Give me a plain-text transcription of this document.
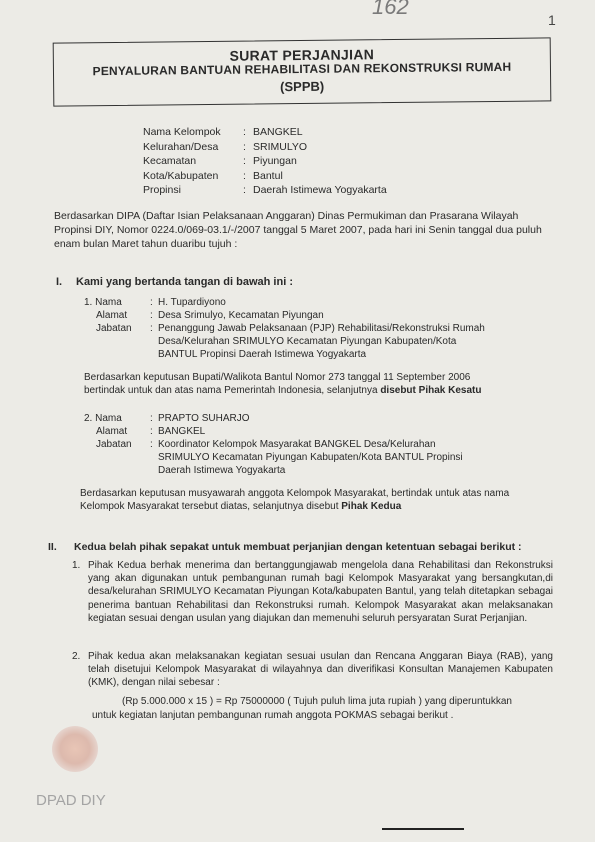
162
1
SURAT PERJANJIAN
PENYALURAN BANTUAN REHABILITASI DAN REKONSTRUKSI RUMAH
(SPPB)
Nama Kelompok	: BANGKEL
Kelurahan/Desa	: SRIMULYO
Kecamatan	: Piyungan
Kota/Kabupaten	: Bantul
Propinsi	: Daerah Istimewa Yogyakarta
Berdasarkan DIPA (Daftar Isian Pelaksanaan Anggaran) Dinas Permukiman dan Prasarana Wilayah Propinsi DIY, Nomor 0224.0/069-03.1/-/2007 tanggal 5 Maret 2007, pada hari ini Senin tanggal dua puluh enam bulan Maret tahun duaribu tujuh :
I. Kami yang bertanda tangan di bawah ini :
1. Nama	: H. Tupardiyono
Alamat	: Desa Srimulyo, Kecamatan Piyungan
Jabatan	: Penanggung Jawab Pelaksanaan (PJP) Rehabilitasi/Rekonstruksi Rumah Desa/Kelurahan SRIMULYO Kecamatan Piyungan Kabupaten/Kota BANTUL Propinsi Daerah Istimewa Yogyakarta
Berdasarkan keputusan Bupati/Walikota Bantul Nomor 273 tanggal 11 September 2006 bertindak untuk dan atas nama Pemerintah Indonesia, selanjutnya disebut Pihak Kesatu
2. Nama	: PRAPTO SUHARJO
Alamat	: BANGKEL
Jabatan	: Koordinator Kelompok Masyarakat BANGKEL Desa/Kelurahan SRIMULYO Kecamatan Piyungan Kabupaten/Kota BANTUL Propinsi Daerah Istimewa Yogyakarta
Berdasarkan keputusan musyawarah anggota Kelompok Masyarakat, bertindak untuk atas nama Kelompok Masyarakat tersebut diatas, selanjutnya disebut Pihak Kedua
II. Kedua belah pihak sepakat untuk membuat perjanjian dengan ketentuan sebagai berikut :
1. Pihak Kedua berhak menerima dan bertanggungjawab mengelola dana Rehabilitasi dan Rekonstruksi yang akan digunakan untuk pembangunan rumah bagi Kelompok Masyarakat yang bersangkutan,di desa/kelurahan SRIMULYO Kecamatan Piyungan Kota/kabupaten Bantul, yang telah ditetapkan sebagai penerima bantuan Rehabilitasi dan Rekonstruksi rumah. Kelompok Masyarakat akan melaksanakan kegiatan sesuai dengan usulan yang diajukan dan memenuhi seluruh persyaratan Surat Perjanjian.
2. Pihak kedua akan melaksanakan kegiatan sesuai usulan dan Rencana Anggaran Biaya (RAB), yang telah disetujui Kelompok Masyarakat di wilayahnya dan diverifikasi Konsultan Manajemen Kabupaten (KMK), dengan nilai sebesar :
(Rp 5.000.000 x 15 ) = Rp 75000000 ( Tujuh puluh lima juta rupiah ) yang diperuntukkan
untuk kegiatan lanjutan pembangunan rumah anggota POKMAS sebagai berikut .
DPAD DIY
